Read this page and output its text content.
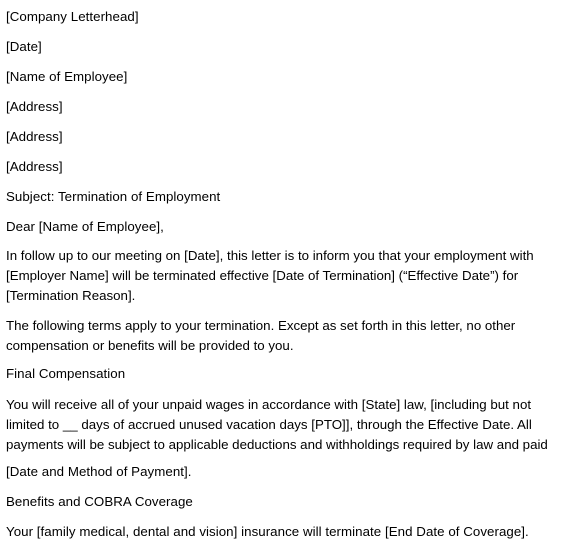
[Company Letterhead]
[Date]
[Name of Employee]
[Address]
[Address]
[Address]
Subject: Termination of Employment
Dear [Name of Employee],
In follow up to our meeting on [Date], this letter is to inform you that your employment with
[Employer Name] will be terminated effective [Date of Termination] (“Effective Date”) for
[Termination Reason].
The following terms apply to your termination. Except as set forth in this letter, no other
compensation or benefits will be provided to you.
Final Compensation
You will receive all of your unpaid wages in accordance with [State] law, [including but not
limited to __ days of accrued unused vacation days [PTO]], through the Effective Date. All
payments will be subject to applicable deductions and withholdings required by law and paid
[Date and Method of Payment].
Benefits and COBRA Coverage
Your [family medical, dental and vision] insurance will terminate [End Date of Coverage].
